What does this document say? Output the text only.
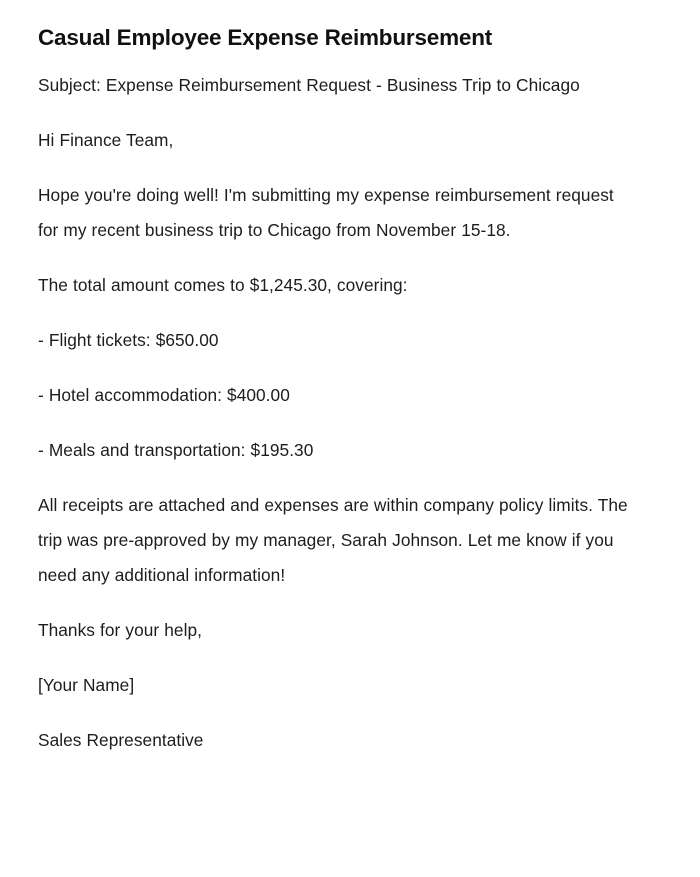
Casual Employee Expense Reimbursement

Subject: Expense Reimbursement Request - Business Trip to Chicago

Hi Finance Team,

Hope you're doing well! I'm submitting my expense reimbursement request for my recent business trip to Chicago from November 15-18.

The total amount comes to $1,245.30, covering:

- Flight tickets: $650.00

- Hotel accommodation: $400.00

- Meals and transportation: $195.30

All receipts are attached and expenses are within company policy limits. The trip was pre-approved by my manager, Sarah Johnson. Let me know if you need any additional information!

Thanks for your help,

[Your Name]

Sales Representative
